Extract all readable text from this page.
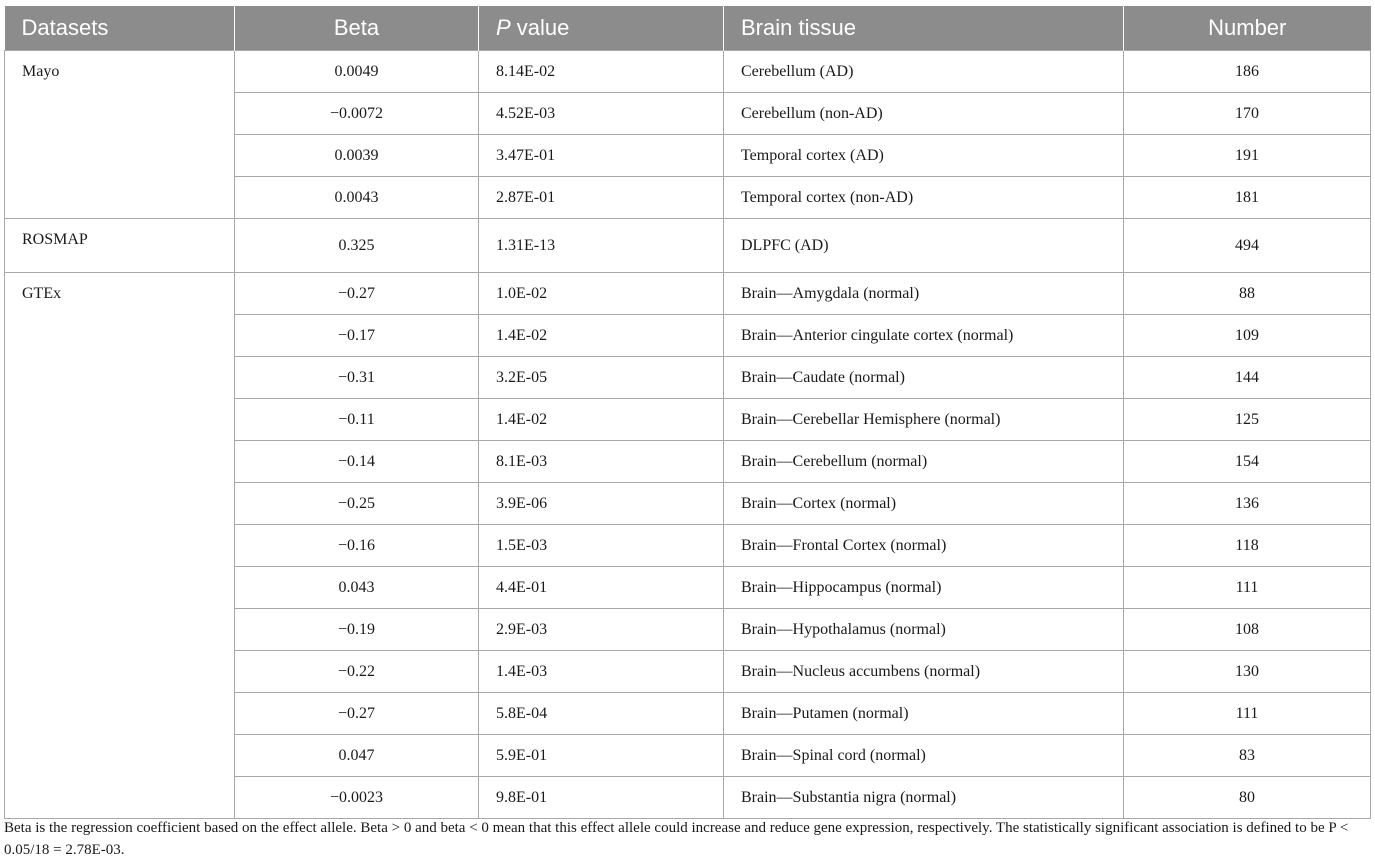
Datasets	Beta	P value	Brain tissue	Number
Mayo	0.0049	8.14E-02	Cerebellum (AD)	186
	−0.0072	4.52E-03	Cerebellum (non-AD)	170
	0.0039	3.47E-01	Temporal cortex (AD)	191
	0.0043	2.87E-01	Temporal cortex (non-AD)	181
ROSMAP	0.325	1.31E-13	DLPFC (AD)	494
GTEx	−0.27	1.0E-02	Brain—Amygdala (normal)	88
	−0.17	1.4E-02	Brain—Anterior cingulate cortex (normal)	109
	−0.31	3.2E-05	Brain—Caudate (normal)	144
	−0.11	1.4E-02	Brain—Cerebellar Hemisphere (normal)	125
	−0.14	8.1E-03	Brain—Cerebellum (normal)	154
	−0.25	3.9E-06	Brain—Cortex (normal)	136
	−0.16	1.5E-03	Brain—Frontal Cortex (normal)	118
	0.043	4.4E-01	Brain—Hippocampus (normal)	111
	−0.19	2.9E-03	Brain—Hypothalamus (normal)	108
	−0.22	1.4E-03	Brain—Nucleus accumbens (normal)	130
	−0.27	5.8E-04	Brain—Putamen (normal)	111
	0.047	5.9E-01	Brain—Spinal cord (normal)	83
	−0.0023	9.8E-01	Brain—Substantia nigra (normal)	80
Beta is the regression coefficient based on the effect allele. Beta > 0 and beta < 0 mean that this effect allele could increase and reduce gene expression, respectively. The statistically significant association is defined to be P < 0.05/18 = 2.78E-03.
